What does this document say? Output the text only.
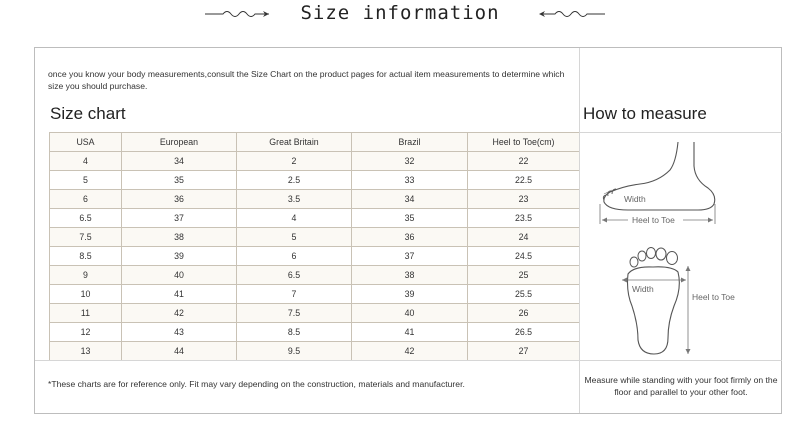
Size information
once you know your body measurements,consult the Size Chart on the product pages for actual item measurements to determine which size you should purchase.
Size chart
USA	European	Great Britain	Brazil	Heel to Toe(cm)
4	34	2	32	22
5	35	2.5	33	22.5
6	36	3.5	34	23
6.5	37	4	35	23.5
7.5	38	5	36	24
8.5	39	6	37	24.5
9	40	6.5	38	25
10	41	7	39	25.5
11	42	7.5	40	26
12	43	8.5	41	26.5
13	44	9.5	42	27
*These charts are for reference only. Fit may vary depending on the construction, materials and manufacturer.
How to measure
Width
Heel to Toe
Width
Heel to Toe
Measure while standing with your foot firmly on the floor and parallel to your other foot.
